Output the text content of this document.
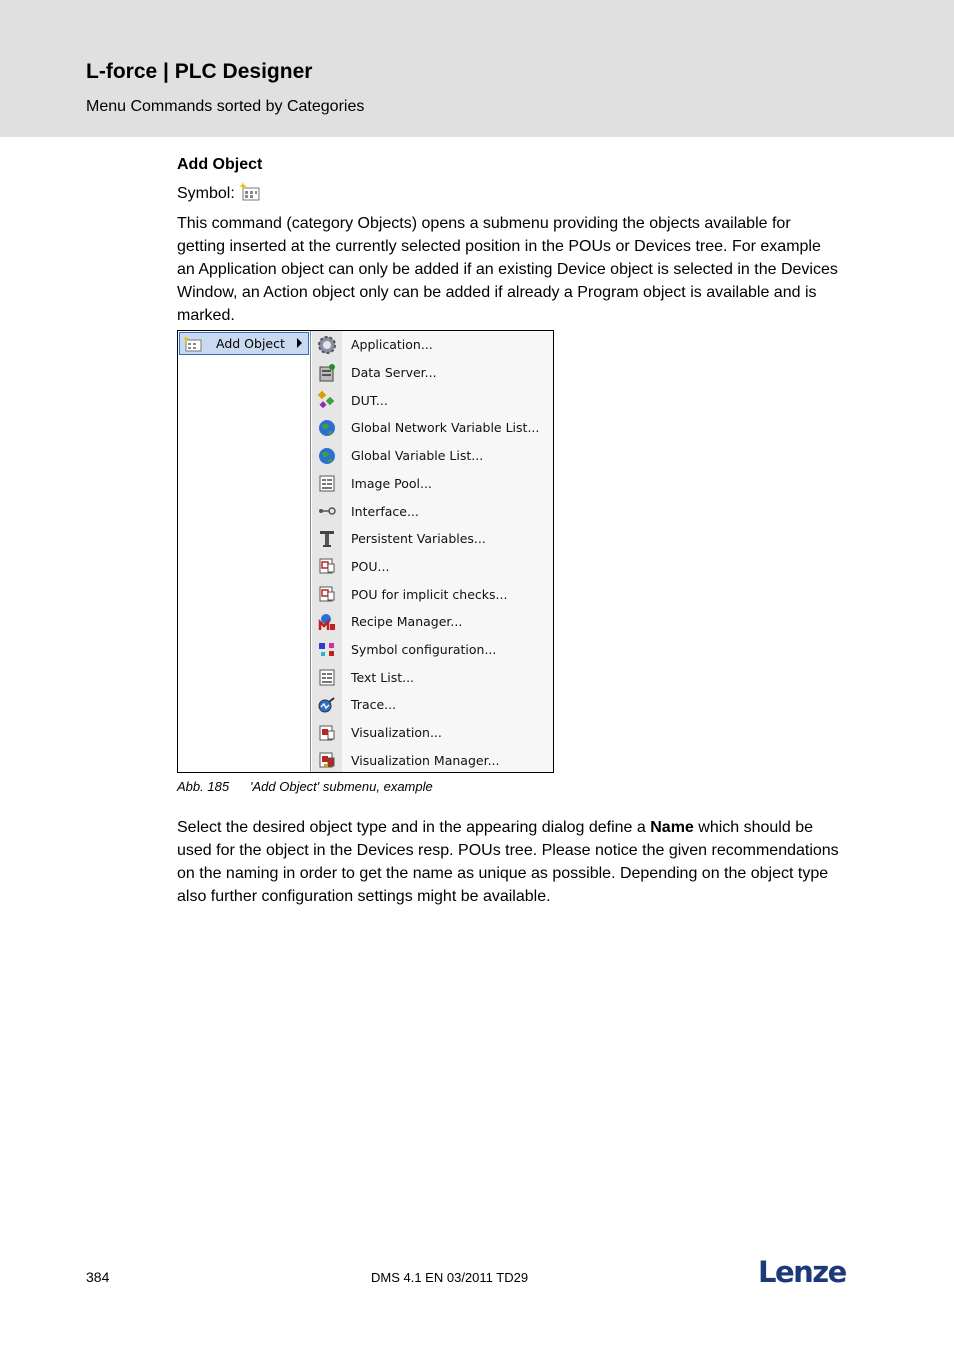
L-force | PLC Designer
Menu Commands sorted by Categories
Add Object
Symbol:

This command (category Objects) opens a submenu providing the objects available for getting inserted at the currently selected position in the POUs or Devices tree. For example an Application object can only be added if an existing Device object is selected in the Devices Window, an Action object only can be added if already a Program object is available and is marked.

Add Object	Application...
Data Server...
DUT...
Global Network Variable List...
Global Variable List...
Image Pool...
Interface...
Persistent Variables...
POU...
POU for implicit checks...
Recipe Manager...
Symbol configuration...
Text List...
Trace...
Visualization...
Visualization Manager...
Abb. 185	'Add Object' submenu, example

Select the desired object type and in the appearing dialog define a Name which should be used for the object in the Devices resp. POUs tree. Please notice the given recommendations on the naming in order to get the name as unique as possible. Depending on the object type also further configuration settings might be available.

384	DMS 4.1 EN 03/2011 TD29	Lenze
